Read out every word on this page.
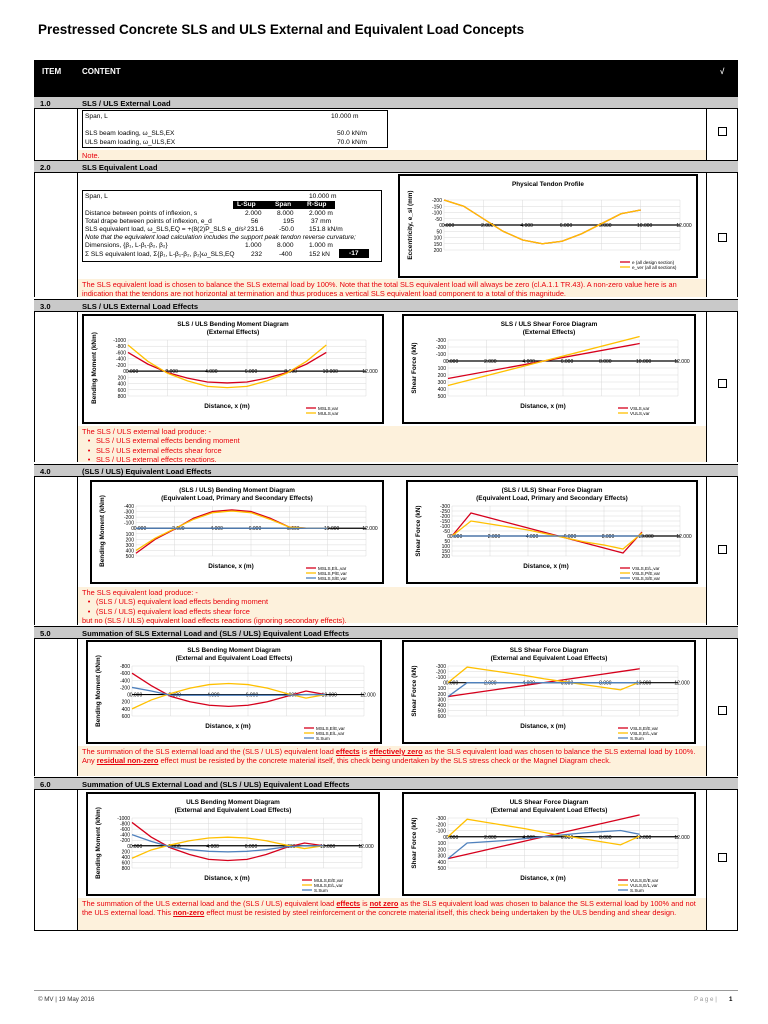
Prestressed Concrete SLS and ULS External and Equivalent Load Concepts
ITEM	CONTENT	√
1.0	SLS / ULS External Load
Span, L	10.000 m
SLS beam loading, ω_SLS,EX	50.0 kN/m
ULS beam loading, ω_ULS,EX	70.0 kN/m
Note.
2.0	SLS Equivalent Load
Span, L	10.000 m
L-Sup	Span R-Sup
Distance between points of inflexion, s	2.000 8.000 2.000 m
Total drape between points of inflexion, e_d	56	195	37 mm
SLS equivalent load, ω_SLS,EQ = +(8(2)P_SLS e_d/s² 231.6 -50.0 151.8 kN/m
Note that the equivalent load calculation includes the support peak tendon reverse curvature;
Dimensions, {β₁, L-β₁-β₂, β₂}	1.000 8.000 1.000 m
Σ SLS equivalent load, Σ{β₁, L-β₁-β₂, β₂}ω_SLS,EQ	232	-400	152 kN	-17
Physical Tendon Profile
-200
-150
-100
-50
0
50
100
150
200
0.000	2.000	4.000	6.000	8.000	10.000	12.000
Eccentricity, e_sl (mm)
e (all design section)
e_ver (all all sections)
The SLS equivalent load is chosen to balance the SLS external load by 100%. Note that the total SLS equivalent load will always be zero (cl.A.1.1 TR.43). A non-zero value here is an indication that the tendons are not horizontal at termination and thus produces a vertical SLS equivalent load component to a total of this magnitude.
3.0	SLS / ULS External Load Effects
SLS / ULS Bending Moment Diagram
(External Effects)
-1000
-800
-600
-400
-200
0
200
400
600
800
0.000	2.000	4.000	6.000	8.000	10.000	12.000
Bending Moment (kNm)
Distance, x (m)	MSLS,var
MULS,var
SLS / ULS Shear Force Diagram
(External Effects)
-300
-200
-100
0
100
200
300
400
500
0.000	2.000	4.000	6.000	8.000	10.000	12.000
Shear Force (kN)
Distance, x (m)	VSLS,var
VULS,var
The SLS / ULS external load produce: -
• SLS / ULS external effects bending moment
• SLS / ULS external effects shear force
• SLS / ULS external effects reactions.
4.0	(SLS / ULS) Equivalent Load Effects
(SLS / ULS) Bending Moment Diagram
(Equivalent Load, Primary and Secondary Effects)
-400
-300
-200
-100
0
100
200
300
400
500
0.000	2.000	4.000	6.000	8.000	10.000	12.000
Bending Moment (kNm)	Distance, x (m)	MSLS,E/L,var
MSLS,P/E,var
MSLS,S/E,var
(SLS / ULS) Shear Force Diagram
(Equivalent Load, Primary and Secondary Effects)
-300
-250
-200
-150
-100
-50
0
50
100
150
200
0.000	2.000	4.000	6.000	8.000	10.000	12.000
Shear Force (kN)
Distance, x (m)	VSLS,E/L,var
VSLS,P/E,var
VSLS,S/E,var
The SLS equivalent load produce: -
• (SLS / ULS) equivalent load effects bending moment
• (SLS / ULS) equivalent load effects shear force
but no (SLS / ULS) equivalent load effects reactions (ignoring secondary effects).
5.0	Summation of SLS External Load and (SLS / ULS) Equivalent Load Effects
SLS Bending Moment Diagram
(External and Equivalent Load Effects)
-800
-600
-400
-200
0
200
400
600
0.000	2.000	4.000	6.000	8.000	10.000	12.000
Bending Moment (kNm)	Distance, x (m)	MSLS,E/E,var
MSLS,E/L,var
S.Sum
SLS Shear Force Diagram
(External and Equivalent Load Effects)
-300
-200
-100
0
100
200
300
400
500
600
0.000	2.000	4.000	6.000	8.000	10.000	12.000
Shear Force (kN)
Distance, x (m)	VSLS,E/E,var
VSLS,E/L,var
S.Sum
The summation of the SLS external load and the (SLS / ULS) equivalent load effects is effectively zero as the SLS equivalent load was chosen to balance the SLS external load by 100%. Any residual non-zero effect must be resisted by the concrete material itself, this check being undertaken by the SLS stress check or the Magnel Diagram check.
6.0	Summation of ULS External Load and (SLS / ULS) Equivalent Load Effects
ULS Bending Moment Diagram
(External and Equivalent Load Effects)
-1000
-800
-600
-400
-200
0
200
400
600
800
0.000	2.000	4.000	6.000	8.000	10.000	12.000
Bending Moment (kNm)	Distance, x (m)	MULS,E/E,var
MULS,E/L,var
S.Sum
ULS Shear Force Diagram
(External and Equivalent Load Effects)
-300
-200
-100
0
100
200
300
400
500
0.000	2.000	4.000	6.000	8.000	10.000	12.000
Shear Force (kN)
Distance, x (m)	VULS,E/E,var
VULS,E/L,var
S.Sum
The summation of the ULS external load and the (SLS / ULS) equivalent load effects is not zero as the SLS equivalent load was chosen to balance the SLS external load by 100% and not the ULS external load. This non-zero effect must be resisted by steel reinforcement or the concrete material itself, this check being undertaken by the ULS bending and shear design.
© MV | 19 May 2016	P a g e | 1
